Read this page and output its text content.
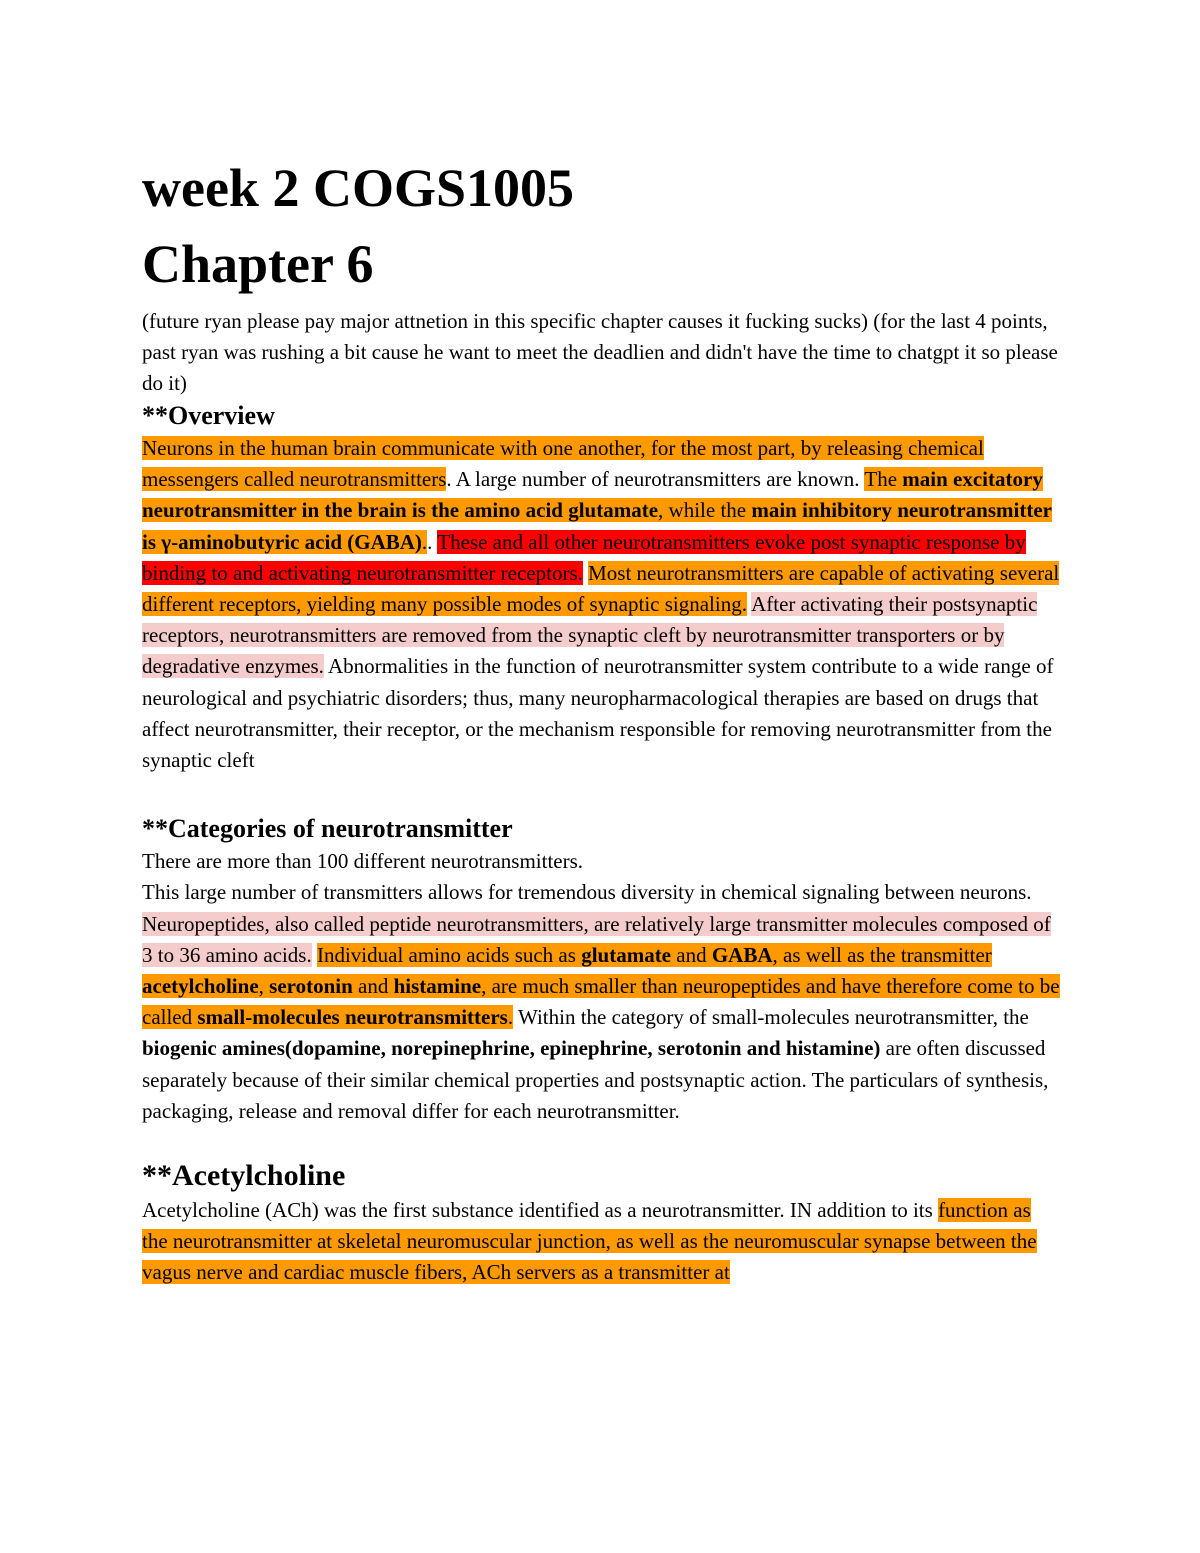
week 2 COGS1005
Chapter 6

(future ryan please pay major attnetion in this specific chapter causes it fucking sucks) (for the last 4 points, past ryan was rushing a bit cause he want to meet the deadlien and didn't have the time to chatgpt it so please do it)

**Overview

Neurons in the human brain communicate with one another, for the most part, by releasing chemical messengers called neurotransmitters. A large number of neurotransmitters are known. The main excitatory neurotransmitter in the brain is the amino acid glutamate, while the main inhibitory neurotransmitter is γ-aminobutyric acid (GABA).. These and all other neurotransmitters evoke post synaptic response by binding to and activating neurotransmitter receptors. Most neurotransmitters are capable of activating several different receptors, yielding many possible modes of synaptic signaling. After activating their postsynaptic receptors, neurotransmitters are removed from the synaptic cleft by neurotransmitter transporters or by degradative enzymes. Abnormalities in the function of neurotransmitter system contribute to a wide range of neurological and psychiatric disorders; thus, many neuropharmacological therapies are based on drugs that affect neurotransmitter, their receptor, or the mechanism responsible for removing neurotransmitter from the synaptic cleft

**Categories of neurotransmitter

There are more than 100 different neurotransmitters.

This large number of transmitters allows for tremendous diversity in chemical signaling between neurons.

Neuropeptides, also called peptide neurotransmitters, are relatively large transmitter molecules composed of 3 to 36 amino acids. Individual amino acids such as glutamate and GABA, as well as the transmitter acetylcholine, serotonin and histamine, are much smaller than neuropeptides and have therefore come to be called small-molecules neurotransmitters. Within the category of small-molecules neurotransmitter, the biogenic amines(dopamine, norepinephrine, epinephrine, serotonin and histamine) are often discussed separately because of their similar chemical properties and postsynaptic action. The particulars of synthesis, packaging, release and removal differ for each neurotransmitter.

**Acetylcholine

Acetylcholine (ACh) was the first substance identified as a neurotransmitter. IN addition to its function as the neurotransmitter at skeletal neuromuscular junction, as well as the neuromuscular synapse between the vagus nerve and cardiac muscle fibers, ACh servers as a transmitter at
